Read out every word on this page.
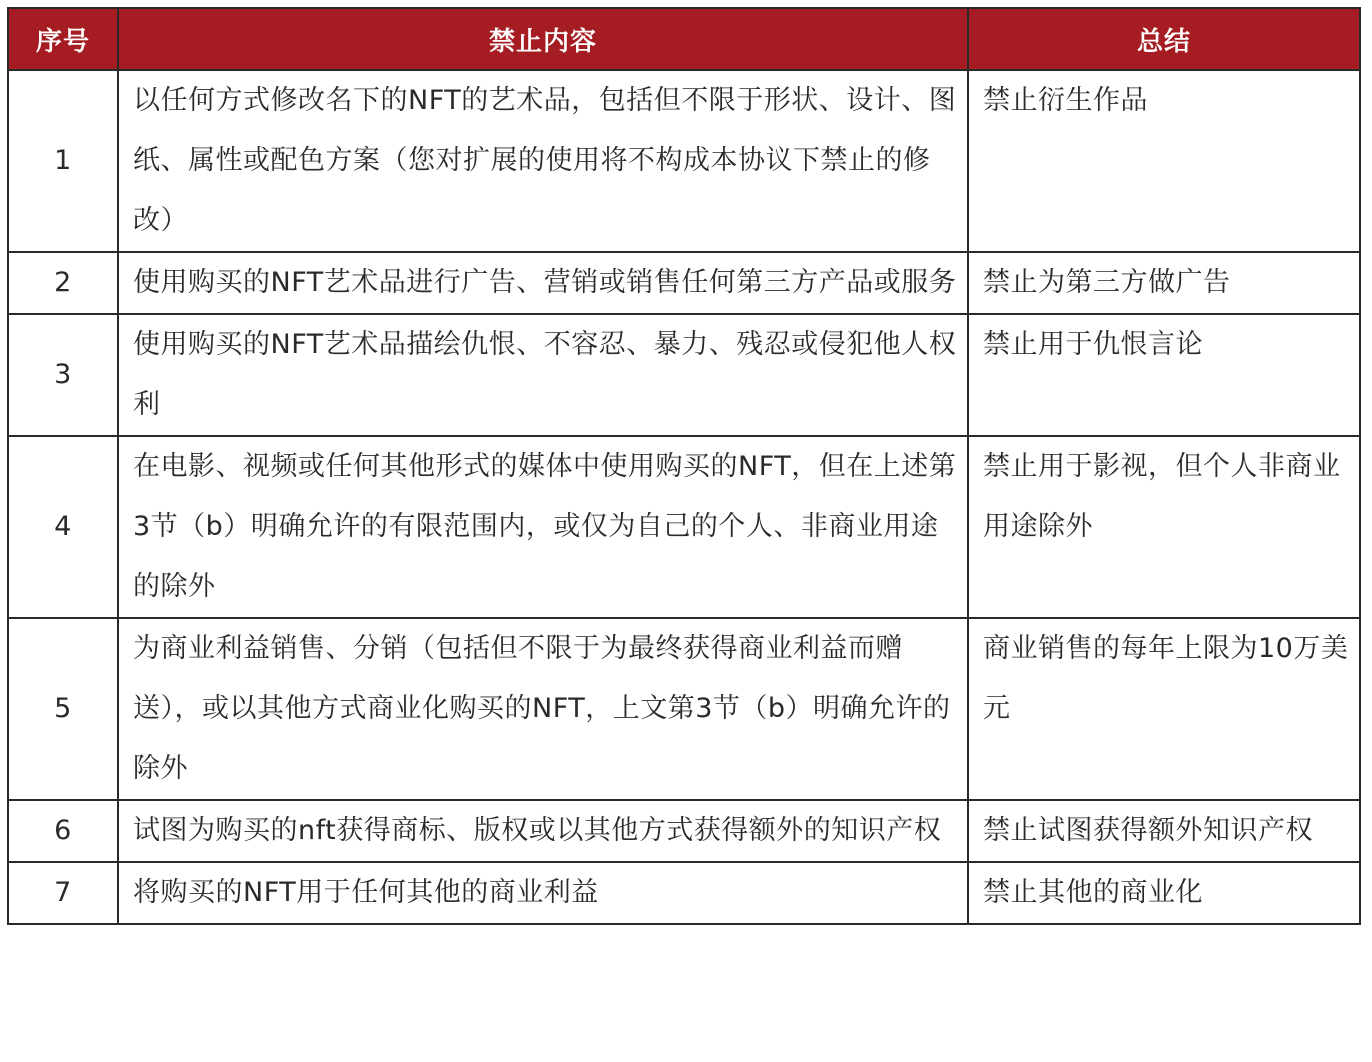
序号	禁止内容	总结
1	以任何方式修改名下的NFT的艺术品，包括但不限于形状、设计、图纸、属性或配色方案（您对扩展的使用将不构成本协议下禁止的修改）	禁止衍生作品
2	使用购买的NFT艺术品进行广告、营销或销售任何第三方产品或服务	禁止为第三方做广告
3	使用购买的NFT艺术品描绘仇恨、不容忍、暴力、残忍或侵犯他人权利	禁止用于仇恨言论
4	在电影、视频或任何其他形式的媒体中使用购买的NFT，但在上述第3节（b）明确允许的有限范围内，或仅为自己的个人、非商业用途的除外	禁止用于影视，但个人非商业用途除外
5	为商业利益销售、分销（包括但不限于为最终获得商业利益而赠送），或以其他方式商业化购买的NFT，上文第3节（b）明确允许的除外	商业销售的每年上限为10万美元
6	试图为购买的nft获得商标、版权或以其他方式获得额外的知识产权	禁止试图获得额外知识产权
7	将购买的NFT用于任何其他的商业利益	禁止其他的商业化
